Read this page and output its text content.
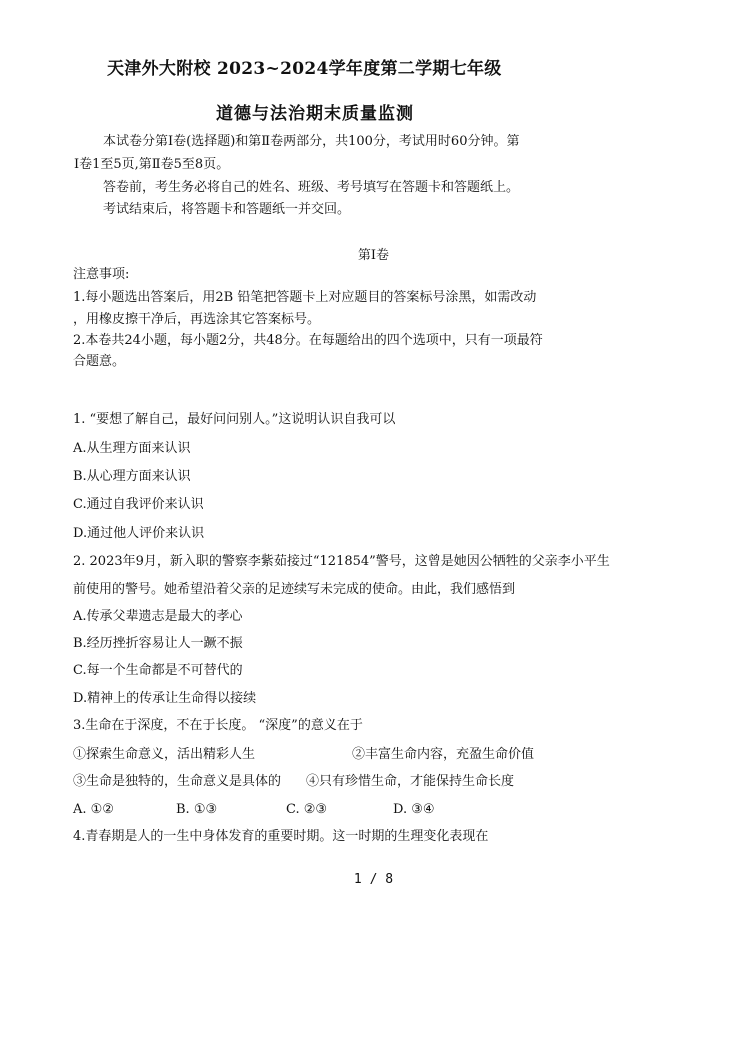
天津外大附校 2023~2024学年度第二学期七年级
道德与法治期末质量监测
本试卷分第Ⅰ卷(选择题)和第Ⅱ卷两部分，共100分，考试用时60分钟。第
Ⅰ卷1至5页,第Ⅱ卷5至8页。
答卷前，考生务必将自己的姓名、班级、考号填写在答题卡和答题纸上。
考试结束后，将答题卡和答题纸一并交回。
第Ⅰ卷
注意事项:
1.每小题选出答案后，用2B 铅笔把答题卡上对应题目的答案标号涂黑，如需改动
，用橡皮擦干净后，再选涂其它答案标号。
2.本卷共24小题，每小题2分，共48分。在每题给出的四个选项中，只有一项最符
合题意。
1. “要想了解自己，最好问问别人。”这说明认识自我可以
A.从生理方面来认识
B.从心理方面来认识
C.通过自我评价来认识
D.通过他人评价来认识
2. 2023年9月，新入职的警察李紫茹接过“121854”警号，这曾是她因公牺牲的父亲李小平生
前使用的警号。她希望沿着父亲的足迹续写未完成的使命。由此，我们感悟到
A.传承父辈遗志是最大的孝心
B.经历挫折容易让人一蹶不振
C.每一个生命都是不可替代的
D.精神上的传承让生命得以接续
3.生命在于深度，不在于长度。 “深度”的意义在于
①探索生命意义，活出精彩人生	②丰富生命内容，充盈生命价值
③生命是独特的，生命意义是具体的 ④只有珍惜生命，才能保持生命长度
A. ①②	B. ①③	C. ②③	D. ③④
4.青春期是人的一生中身体发育的重要时期。这一时期的生理变化表现在
1 / 8
